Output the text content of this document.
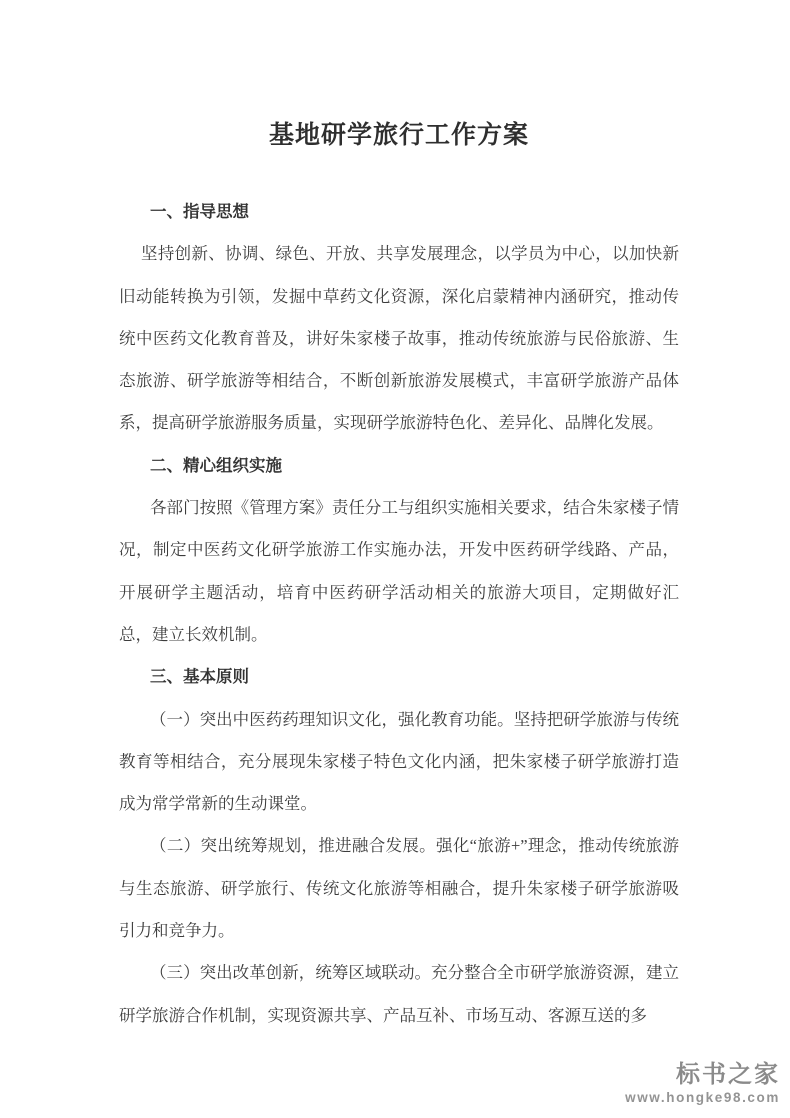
基地研学旅行工作方案
一、指导思想

坚持创新、协调、绿色、开放、共享发展理念，以学员为中心，以加快新旧动能转换为引领，发掘中草药文化资源，深化启蒙精神内涵研究，推动传统中医药文化教育普及，讲好朱家楼子故事，推动传统旅游与民俗旅游、生态旅游、研学旅游等相结合，不断创新旅游发展模式，丰富研学旅游产品体系，提高研学旅游服务质量，实现研学旅游特色化、差异化、品牌化发展。

二、精心组织实施

各部门按照《管理方案》责任分工与组织实施相关要求，结合朱家楼子情况，制定中医药文化研学旅游工作实施办法，开发中医药研学线路、产品，开展研学主题活动，培育中医药研学活动相关的旅游大项目，定期做好汇总，建立长效机制。

三、基本原则

（一）突出中医药药理知识文化，强化教育功能。坚持把研学旅游与传统教育等相结合，充分展现朱家楼子特色文化内涵，把朱家楼子研学旅游打造成为常学常新的生动课堂。

（二）突出统筹规划，推进融合发展。强化“旅游+”理念，推动传统旅游与生态旅游、研学旅行、传统文化旅游等相融合，提升朱家楼子研学旅游吸引力和竞争力。

（三）突出改革创新，统筹区域联动。充分整合全市研学旅游资源，建立研学旅游合作机制，实现资源共享、产品互补、市场互动、客源互送的多

标书之家
www.hongke98.com
